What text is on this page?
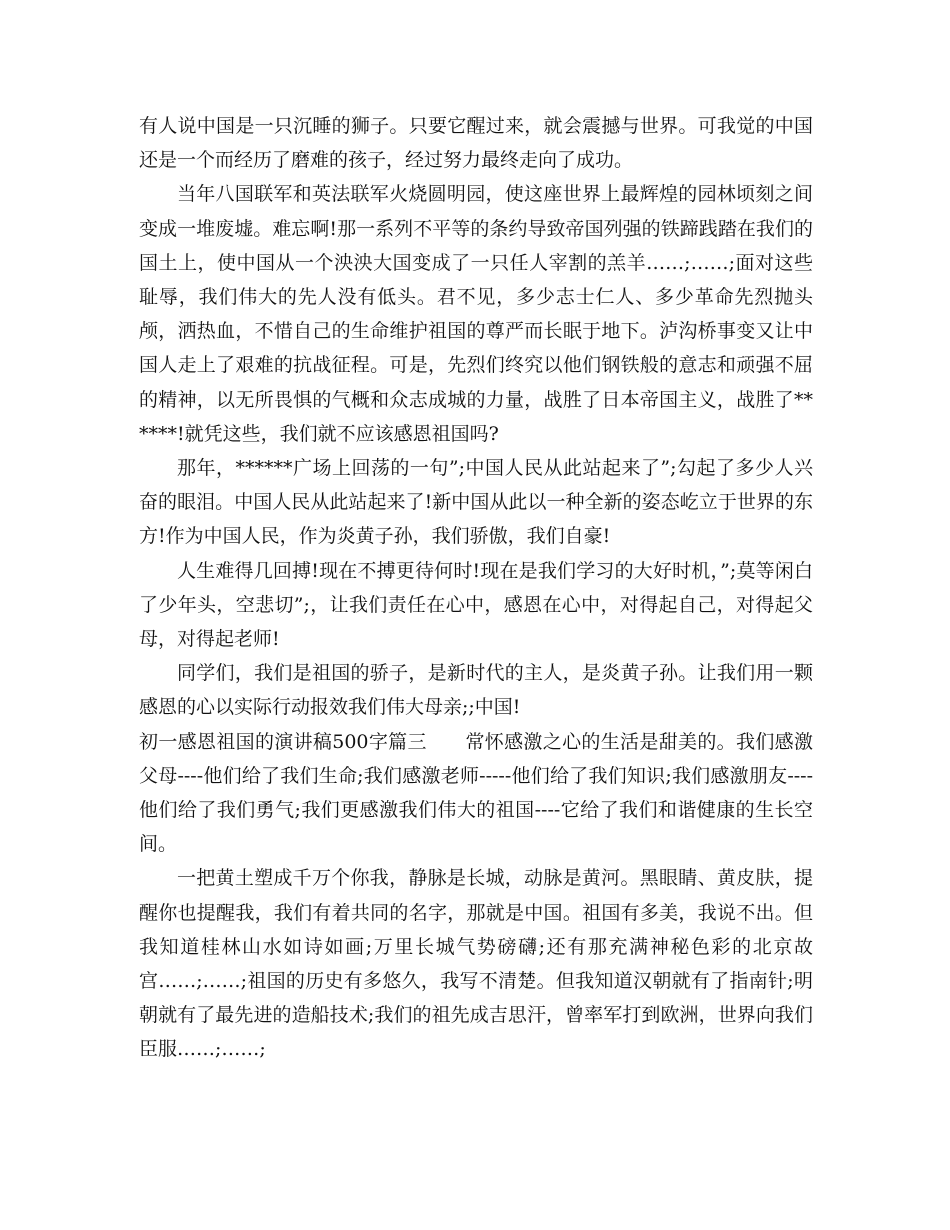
有人说中国是一只沉睡的狮子。只要它醒过来，就会震撼与世界。可我觉的中国还是一个而经历了磨难的孩子，经过努力最终走向了成功。

当年八国联军和英法联军火烧圆明园，使这座世界上最辉煌的园林顷刻之间变成一堆废墟。难忘啊!那一系列不平等的条约导致帝国列强的铁蹄践踏在我们的国土上，使中国从一个泱泱大国变成了一只任人宰割的羔羊……;……;面对这些耻辱，我们伟大的先人没有低头。君不见，多少志士仁人、多少革命先烈抛头颅，洒热血，不惜自己的生命维护祖国的尊严而长眠于地下。泸沟桥事变又让中国人走上了艰难的抗战征程。可是，先烈们终究以他们钢铁般的意志和顽强不屈的精神，以无所畏惧的气概和众志成城的力量，战胜了日本帝国主义，战胜了******!就凭这些，我们就不应该感恩祖国吗?

那年，******广场上回荡的一句”;中国人民从此站起来了”;勾起了多少人兴奋的眼泪。中国人民从此站起来了!新中国从此以一种全新的姿态屹立于世界的东方!作为中国人民，作为炎黄子孙，我们骄傲，我们自豪!

人生难得几回搏!现在不搏更待何时!现在是我们学习的大好时机，”;莫等闲白了少年头，空悲切”;，让我们责任在心中，感恩在心中，对得起自己，对得起父母，对得起老师!

同学们，我们是祖国的骄子，是新时代的主人，是炎黄子孙。让我们用一颗感恩的心以实际行动报效我们伟大母亲;;中国!

初一感恩祖国的演讲稿500字篇三　　常怀感激之心的生活是甜美的。我们感激父母----他们给了我们生命;我们感激老师-----他们给了我们知识;我们感激朋友----他们给了我们勇气;我们更感激我们伟大的祖国----它给了我们和谐健康的生长空间。

一把黄土塑成千万个你我，静脉是长城，动脉是黄河。黑眼睛、黄皮肤，提醒你也提醒我，我们有着共同的名字，那就是中国。祖国有多美，我说不出。但我知道桂林山水如诗如画;万里长城气势磅礴;还有那充满神秘色彩的北京故宫……;……;祖国的历史有多悠久，我写不清楚。但我知道汉朝就有了指南针;明朝就有了最先进的造船技术;我们的祖先成吉思汗，曾率军打到欧洲，世界向我们臣服……;……;
